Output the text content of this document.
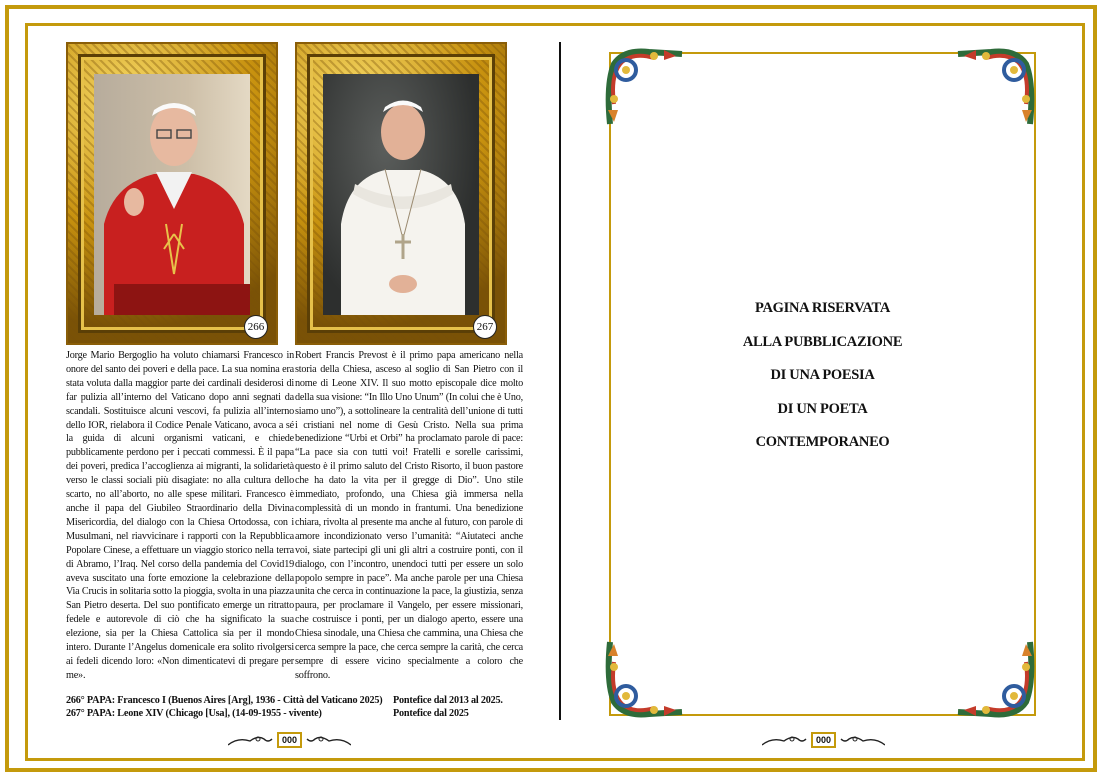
266	267

Jorge Mario Bergoglio ha voluto chiamarsi Francesco in onore del santo dei poveri e della pace. La sua nomina era stata voluta dalla maggior parte dei cardinali desiderosi di far pulizia all’interno del Vaticano dopo anni segnati da scandali. Sostituisce alcuni vescovi, fa pulizia all’interno dello IOR, rielabora il Codice Penale Vaticano, avoca a sé la guida di alcuni organismi vaticani, e chiede pubblicamente perdono per i peccati commessi. È il papa dei poveri, predica l’accoglienza ai migranti, la solidarietà verso le classi sociali più disagiate: no alla cultura dello scarto, no all’aborto, no alle spese militari. Francesco è anche il papa del Giubileo Straordinario della Divina Misericordia, del dialogo con la Chiesa Ortodossa, con i Musulmani, nel riavvicinare i rapporti con la Repubblica Popolare Cinese, a effettuare un viaggio storico nella terra di Abramo, l’Iraq. Nel corso della pandemia del Covid19 aveva suscitato una forte emozione la celebrazione della Via Crucis in solitaria sotto la pioggia, svolta in una piazza San Pietro deserta. Del suo pontificato emerge un ritratto fedele e autorevole di ciò che ha significato la sua elezione, sia per la Chiesa Cattolica sia per il mondo intero. Durante l’Angelus domenicale era solito rivolgersi ai fedeli dicendo loro: «Non dimenticatevi di pregare per me».

Robert Francis Prevost è il primo papa americano nella storia della Chiesa, asceso al soglio di San Pietro con il nome di Leone XIV. Il suo motto episcopale dice molto della sua visione: “In Illo Uno Unum” (In colui che è Uno, siamo uno”), a sottolineare la centralità dell’unione di tutti i cristiani nel nome di Gesù Cristo. Nella sua prima benedizione “Urbi et Orbi” ha proclamato parole di pace: “La pace sia con tutti voi! Fratelli e sorelle carissimi, questo è il primo saluto del Cristo Risorto, il buon pastore che ha dato la vita per il gregge di Dio”. Uno stile immediato, profondo, una Chiesa già immersa nella complessità di un mondo in frantumi. Una benedizione chiara, rivolta al presente ma anche al futuro, con parole di amore incondizionato verso l’umanità: “Aiutateci anche voi, siate partecipi gli uni gli altri a costruire ponti, con il dialogo, con l’incontro, unendoci tutti per essere un solo popolo sempre in pace”. Ma anche parole per una Chiesa unita che cerca in continuazione la pace, la giustizia, senza paura, per proclamare il Vangelo, per essere missionari, che costruisce i ponti, per un dialogo aperto, essere una Chiesa sinodale, una Chiesa che cammina, una Chiesa che cerca sempre la pace, che cerca sempre la carità, che cerca sempre di essere vicino specialmente a coloro che soffrono.

266° PAPA: Francesco I (Buenos Aires [Arg], 1936 - Città del Vaticano 2025) Pontefice dal 2013 al 2025.
267° PAPA: Leone XIV (Chicago [Usa], (14-09-1955 - vivente)	Pontefice dal 2025
000	000
PAGINA RISERVATA
ALLA PUBBLICAZIONE
DI UNA POESIA
DI UN POETA
CONTEMPORANEO
